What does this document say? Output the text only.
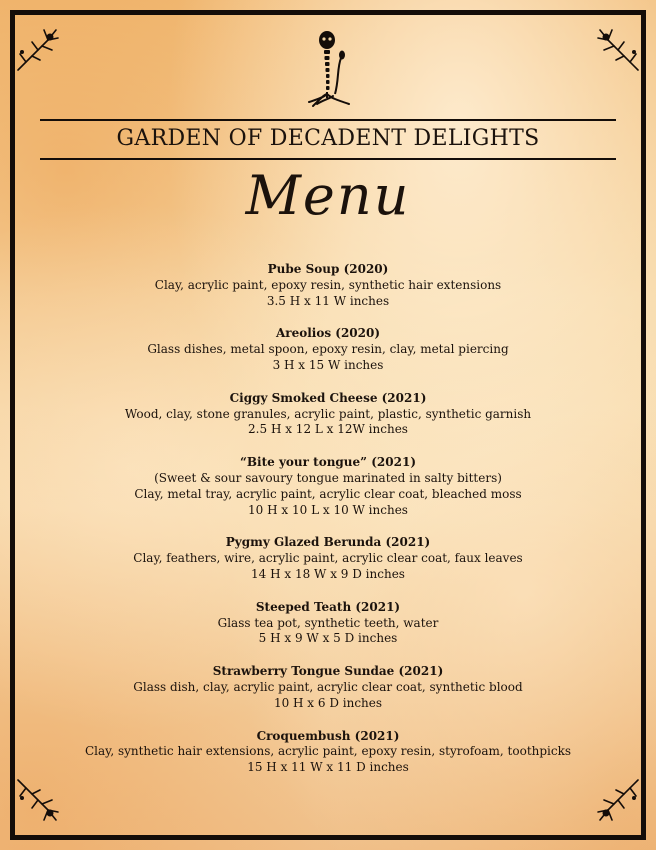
GARDEN OF DECADENT DELIGHTS
Menu
Pube Soup (2020)
Clay, acrylic paint, epoxy resin, synthetic hair extensions
3.5 H x 11 W inches
Areolios (2020)
Glass dishes, metal spoon, epoxy resin, clay, metal piercing
3 H x 15 W inches
Ciggy Smoked Cheese (2021)
Wood, clay, stone granules, acrylic paint, plastic, synthetic garnish
2.5 H x 12 L x 12W inches
“Bite your tongue” (2021)
(Sweet & sour savoury tongue marinated in salty bitters)
Clay, metal tray, acrylic paint, acrylic clear coat, bleached moss
10 H x 10 L x 10 W inches
Pygmy Glazed Berunda (2021)
Clay, feathers, wire, acrylic paint, acrylic clear coat, faux leaves
14 H x 18 W x 9 D inches
Steeped Teath (2021)
Glass tea pot, synthetic teeth, water
5 H x 9 W x 5 D inches
Strawberry Tongue Sundae (2021)
Glass dish, clay, acrylic paint, acrylic clear coat, synthetic blood
10 H x 6 D inches
Croquembush (2021)
Clay, synthetic hair extensions, acrylic paint, epoxy resin, styrofoam, toothpicks
15 H x 11 W x 11 D inches
